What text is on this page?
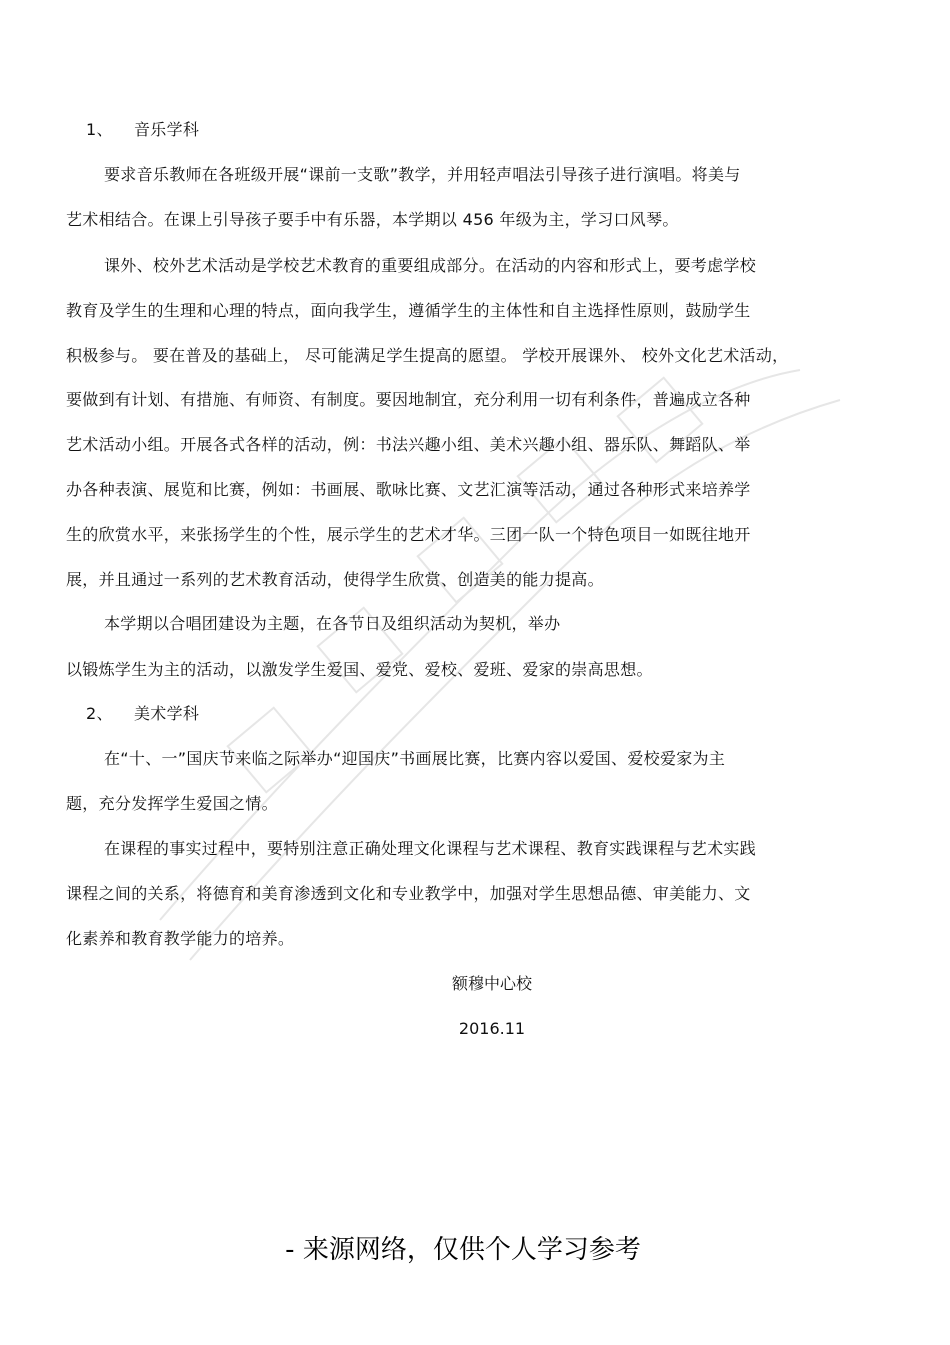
1、 音乐学科
要求音乐教师在各班级开展“课前一支歌”教学，并用轻声唱法引导孩子进行演唱。将美与
艺术相结合。在课上引导孩子要手中有乐器，本学期以 456 年级为主，学习口风琴。
课外、校外艺术活动是学校艺术教育的重要组成部分。在活动的内容和形式上，要考虑学校
教育及学生的生理和心理的特点，面向我学生，遵循学生的主体性和自主选择性原则，鼓励学生
积极参与。 要在普及的基础上， 尽可能满足学生提高的愿望。 学校开展课外、 校外文化艺术活动，
要做到有计划、有措施、有师资、有制度。要因地制宜，充分利用一切有利条件，普遍成立各种
艺术活动小组。开展各式各样的活动，例：书法兴趣小组、美术兴趣小组、器乐队、舞蹈队、举
办各种表演、展览和比赛，例如：书画展、歌咏比赛、文艺汇演等活动，通过各种形式来培养学
生的欣赏水平，来张扬学生的个性，展示学生的艺术才华。三团一队一个特色项目一如既往地开
展，并且通过一系列的艺术教育活动，使得学生欣赏、创造美的能力提高。
本学期以合唱团建设为主题，在各节日及组织活动为契机，举办
以锻炼学生为主的活动，以激发学生爱国、爱党、爱校、爱班、爱家的崇高思想。
2、 美术学科
在“十、一”国庆节来临之际举办“迎国庆”书画展比赛，比赛内容以爱国、爱校爱家为主
题，充分发挥学生爱国之情。
在课程的事实过程中，要特别注意正确处理文化课程与艺术课程、教育实践课程与艺术实践
课程之间的关系，将德育和美育渗透到文化和专业教学中，加强对学生思想品德、审美能力、文
化素养和教育教学能力的培养。
额穆中心校
2016.11
- 来源网络，仅供个人学习参考
